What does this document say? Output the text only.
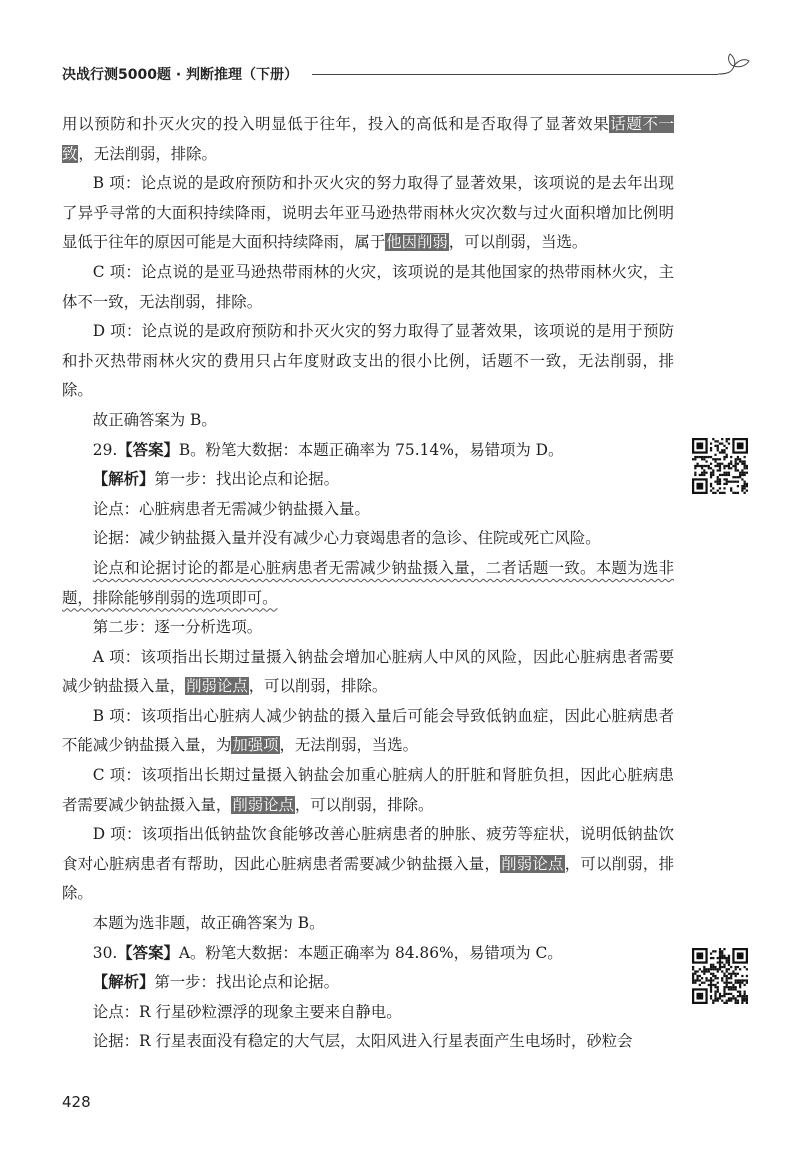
决战行测5000题 · 判断推理（下册）

用以预防和扑灭火灾的投入明显低于往年，投入的高低和是否取得了显著效果话题不一致，无法削弱，排除。

B 项：论点说的是政府预防和扑灭火灾的努力取得了显著效果，该项说的是去年出现了异乎寻常的大面积持续降雨，说明去年亚马逊热带雨林火灾次数与过火面积增加比例明显低于往年的原因可能是大面积持续降雨，属于他因削弱，可以削弱，当选。

C 项：论点说的是亚马逊热带雨林的火灾，该项说的是其他国家的热带雨林火灾，主体不一致，无法削弱，排除。

D 项：论点说的是政府预防和扑灭火灾的努力取得了显著效果，该项说的是用于预防和扑灭热带雨林火灾的费用只占年度财政支出的很小比例，话题不一致，无法削弱，排除。

故正确答案为 B。

29.【答案】B。粉笔大数据：本题正确率为 75.14%，易错项为 D。

【解析】第一步：找出论点和论据。

论点：心脏病患者无需减少钠盐摄入量。

论据：减少钠盐摄入量并没有减少心力衰竭患者的急诊、住院或死亡风险。

论点和论据讨论的都是心脏病患者无需减少钠盐摄入量，二者话题一致。本题为选非题，排除能够削弱的选项即可。

第二步：逐一分析选项。

A 项：该项指出长期过量摄入钠盐会增加心脏病人中风的风险，因此心脏病患者需要减少钠盐摄入量，削弱论点，可以削弱，排除。

B 项：该项指出心脏病人减少钠盐的摄入量后可能会导致低钠血症，因此心脏病患者不能减少钠盐摄入量，为加强项，无法削弱，当选。

C 项：该项指出长期过量摄入钠盐会加重心脏病人的肝脏和肾脏负担，因此心脏病患者需要减少钠盐摄入量，削弱论点，可以削弱，排除。

D 项：该项指出低钠盐饮食能够改善心脏病患者的肿胀、疲劳等症状，说明低钠盐饮食对心脏病患者有帮助，因此心脏病患者需要减少钠盐摄入量，削弱论点，可以削弱，排除。

本题为选非题，故正确答案为 B。

30.【答案】A。粉笔大数据：本题正确率为 84.86%，易错项为 C。

【解析】第一步：找出论点和论据。

论点：R 行星砂粒漂浮的现象主要来自静电。

论据：R 行星表面没有稳定的大气层，太阳风进入行星表面产生电场时，砂粒会

428
